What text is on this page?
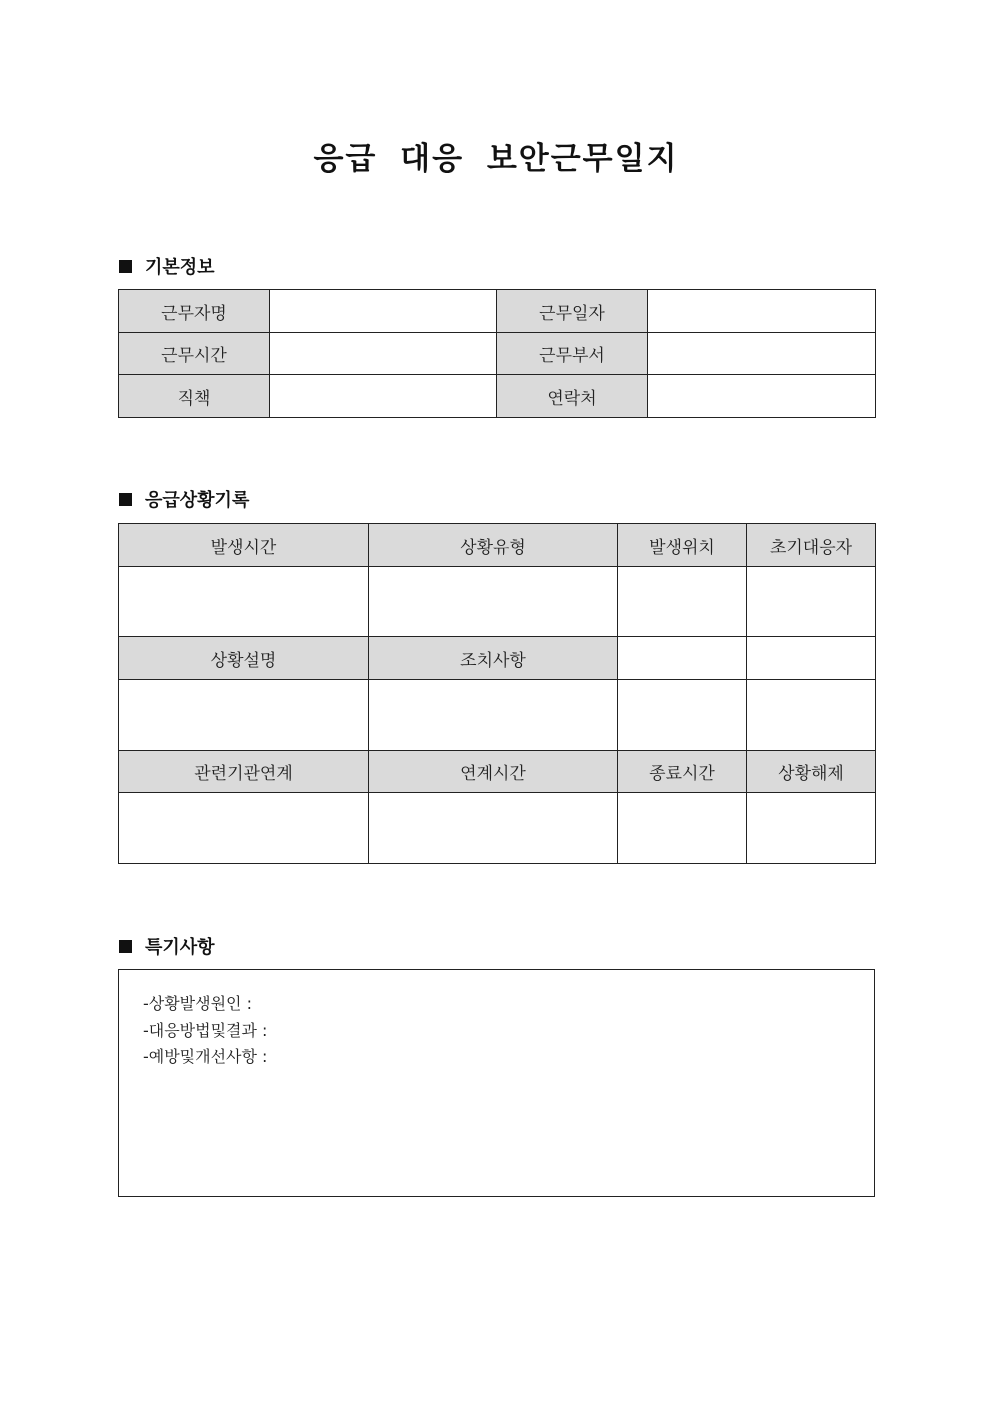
응급 대응 보안근무일지
기본정보
근무자명		근무일자	
근무시간		근무부서	
직책		연락처	
응급상황기록
발생시간	상황유형	발생위치	초기대응자

상황설명	조치사항		

관련기관연계	연계시간	종료시간	상황해제

특기사항
-상황발생원인 :
-대응방법및결과 :
-예방및개선사항 :
